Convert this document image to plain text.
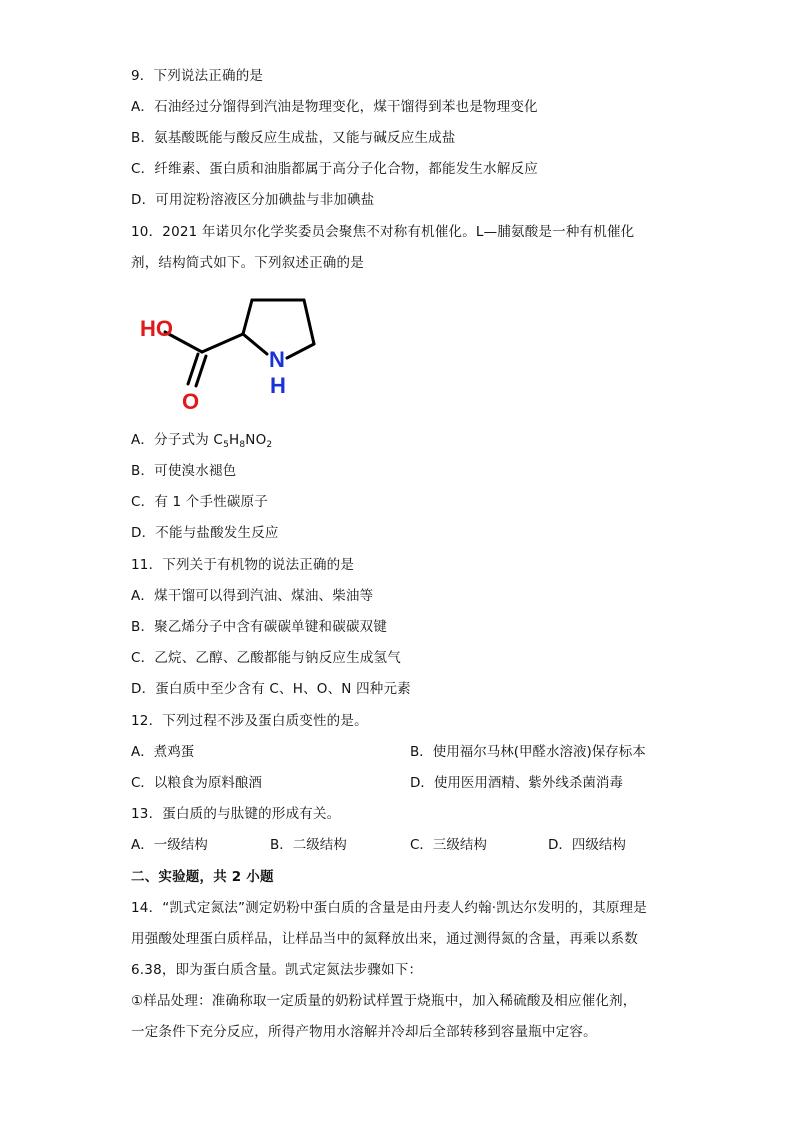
9．下列说法正确的是
A．石油经过分馏得到汽油是物理变化，煤干馏得到苯也是物理变化
B．氨基酸既能与酸反应生成盐，又能与碱反应生成盐
C．纤维素、蛋白质和油脂都属于高分子化合物，都能发生水解反应
D．可用淀粉溶液区分加碘盐与非加碘盐
10．2021 年诺贝尔化学奖委员会聚焦不对称有机催化。L—脯氨酸是一种有机催化
剂，结构简式如下。下列叙述正确的是
HO
O
N
H
A．分子式为 $C_5H_8NO_2$
B．可使溴水褪色
C．有 1 个手性碳原子
D．不能与盐酸发生反应
11．下列关于有机物的说法正确的是
A．煤干馏可以得到汽油、煤油、柴油等
B．聚乙烯分子中含有碳碳单键和碳碳双键
C．乙烷、乙醇、乙酸都能与钠反应生成氢气
D．蛋白质中至少含有 C、H、O、N 四种元素
12．下列过程不涉及蛋白质变性的是。
A．煮鸡蛋	B．使用福尔马林(甲醛水溶液)保存标本
C．以粮食为原料酿酒	D．使用医用酒精、紫外线杀菌消毒
13．蛋白质的与肽键的形成有关。
A．一级结构	B．二级结构	C．三级结构	D．四级结构
二、实验题，共 2 小题
14．“凯式定氮法”测定奶粉中蛋白质的含量是由丹麦人约翰·凯达尔发明的，其原理是
用强酸处理蛋白质样品，让样品当中的氮释放出来，通过测得氮的含量，再乘以系数
6.38，即为蛋白质含量。凯式定氮法步骤如下：
①样品处理：准确称取一定质量的奶粉试样置于烧瓶中，加入稀硫酸及相应催化剂，
一定条件下充分反应，所得产物用水溶解并冷却后全部转移到容量瓶中定容。
